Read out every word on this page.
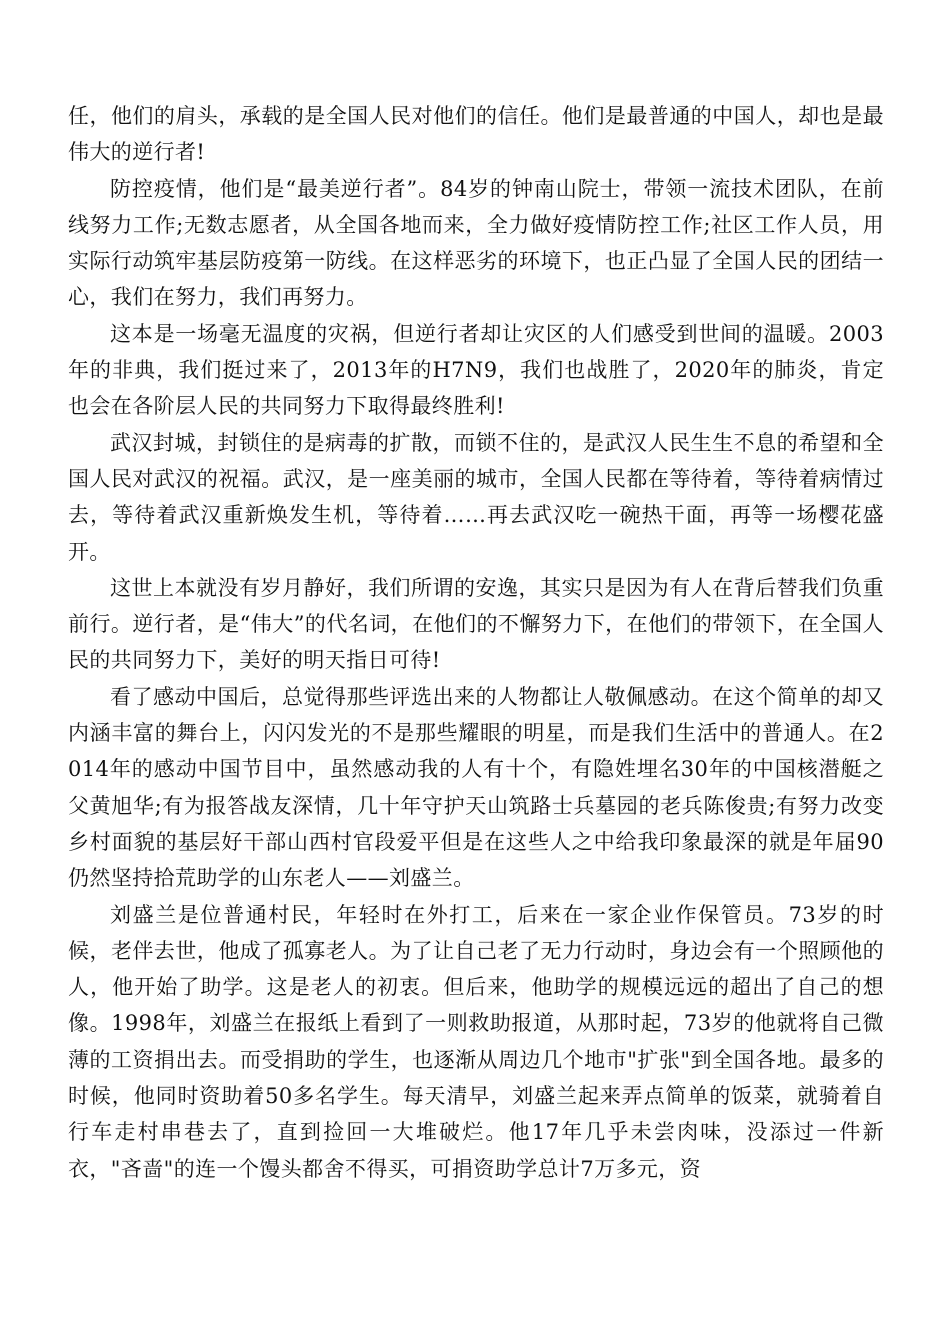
任，他们的肩头，承载的是全国人民对他们的信任。他们是最普通的中国人，却也是最伟大的逆行者!

防控疫情，他们是“最美逆行者”。84岁的钟南山院士，带领一流技术团队，在前线努力工作;无数志愿者，从全国各地而来，全力做好疫情防控工作;社区工作人员，用实际行动筑牢基层防疫第一防线。在这样恶劣的环境下，也正凸显了全国人民的团结一心，我们在努力，我们再努力。

这本是一场毫无温度的灾祸，但逆行者却让灾区的人们感受到世间的温暖。2003年的非典，我们挺过来了，2013年的H7N9，我们也战胜了，2020年的肺炎，肯定也会在各阶层人民的共同努力下取得最终胜利!

武汉封城，封锁住的是病毒的扩散，而锁不住的，是武汉人民生生不息的希望和全国人民对武汉的祝福。武汉，是一座美丽的城市，全国人民都在等待着，等待着病情过去，等待着武汉重新焕发生机，等待着……再去武汉吃一碗热干面，再等一场樱花盛开。

这世上本就没有岁月静好，我们所谓的安逸，其实只是因为有人在背后替我们负重前行。逆行者，是“伟大”的代名词，在他们的不懈努力下，在他们的带领下，在全国人民的共同努力下，美好的明天指日可待!

看了感动中国后，总觉得那些评选出来的人物都让人敬佩感动。在这个简单的却又内涵丰富的舞台上，闪闪发光的不是那些耀眼的明星，而是我们生活中的普通人。在2014年的感动中国节目中，虽然感动我的人有十个，有隐姓埋名30年的中国核潜艇之父黄旭华;有为报答战友深情，几十年守护天山筑路士兵墓园的老兵陈俊贵;有努力改变乡村面貌的基层好干部山西村官段爱平但是在这些人之中给我印象最深的就是年届90仍然坚持拾荒助学的山东老人——刘盛兰。

刘盛兰是位普通村民，年轻时在外打工，后来在一家企业作保管员。73岁的时候，老伴去世，他成了孤寡老人。为了让自己老了无力行动时，身边会有一个照顾他的人，他开始了助学。这是老人的初衷。但后来，他助学的规模远远的超出了自己的想像。1998年，刘盛兰在报纸上看到了一则救助报道，从那时起，73岁的他就将自己微薄的工资捐出去。而受捐助的学生，也逐渐从周边几个地市"扩张"到全国各地。最多的时候，他同时资助着50多名学生。每天清早，刘盛兰起来弄点简单的饭菜，就骑着自行车走村串巷去了，直到捡回一大堆破烂。他17年几乎未尝肉味，没添过一件新衣，"吝啬"的连一个馒头都舍不得买，可捐资助学总计7万多元，资
